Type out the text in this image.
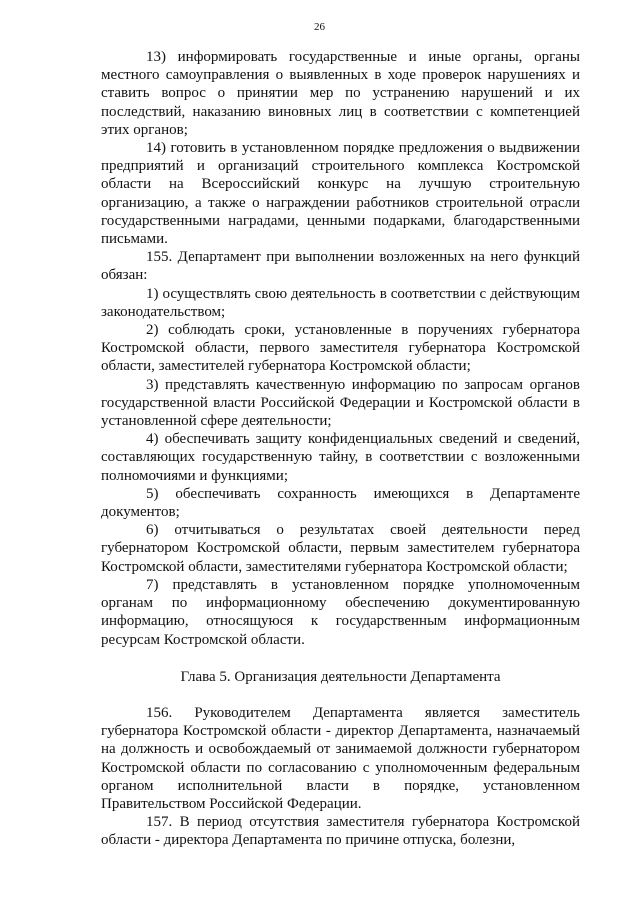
26

13) информировать государственные и иные органы, органы местного самоуправления о выявленных в ходе проверок нарушениях и ставить вопрос о принятии мер по устранению нарушений и их последствий, наказанию виновных лиц в соответствии с компетенцией этих органов;

14) готовить в установленном порядке предложения о выдвижении предприятий и организаций строительного комплекса Костромской области на Всероссийский конкурс на лучшую строительную организацию, а также о награждении работников строительной отрасли государственными наградами, ценными подарками, благодарственными письмами.

155. Департамент при выполнении возложенных на него функций обязан:

1) осуществлять свою деятельность в соответствии с действующим законодательством;

2) соблюдать сроки, установленные в поручениях губернатора Костромской области, первого заместителя губернатора Костромской области, заместителей губернатора Костромской области;

3) представлять качественную информацию по запросам органов государственной власти Российской Федерации и Костромской области в установленной сфере деятельности;

4) обеспечивать защиту конфиденциальных сведений и сведений, составляющих государственную тайну, в соответствии с возложенными полномочиями и функциями;

5) обеспечивать сохранность имеющихся в Департаменте документов;

6) отчитываться о результатах своей деятельности перед губернатором Костромской области, первым заместителем губернатора Костромской области, заместителями губернатора Костромской области;

7) представлять в установленном порядке уполномоченным органам по информационному обеспечению документированную информацию, относящуюся к государственным информационным ресурсам Костромской области.

Глава 5. Организация деятельности Департамента

156. Руководителем Департамента является заместитель губернатора Костромской области - директор Департамента, назначаемый на должность и освобождаемый от занимаемой должности губернатором Костромской области по согласованию с уполномоченным федеральным органом исполнительной власти в порядке, установленном Правительством Российской Федерации.

157. В период отсутствия заместителя губернатора Костромской области - директора Департамента по причине отпуска, болезни,
